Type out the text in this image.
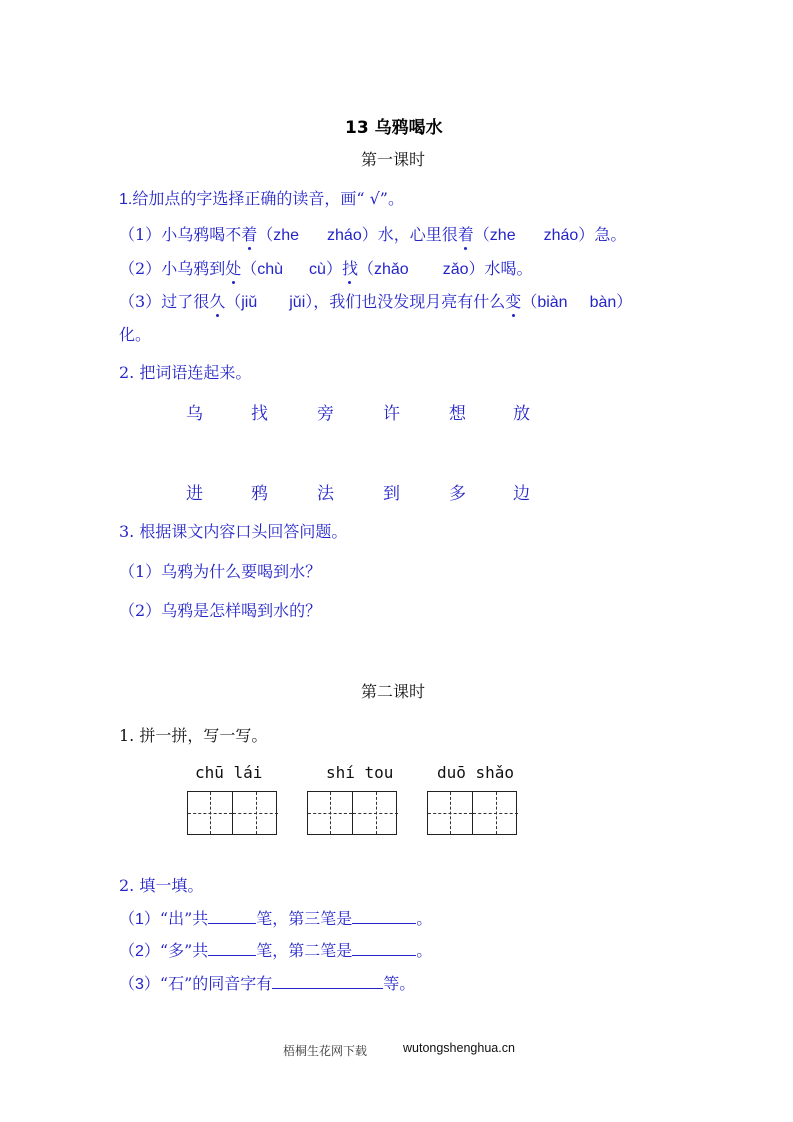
13 乌鸦喝水
第一课时
1.给加点的字选择正确的读音，画“ √”。
（1）小乌鸦喝不着（zhe zháo）水，心里很着（zhe zháo）急。
（2）小乌鸦到处（chù cù）找（zhǎo zǎo）水喝。
（3）过了很久（jiǔ jǔi），我们也没发现月亮有什么变（biàn bàn）
化。
2. 把词语连起来。
乌	找	旁	许	想	放
进	鸦	法	到	多	边
3. 根据课文内容口头回答问题。
（1）乌鸦为什么要喝到水？
（2）乌鸦是怎样喝到水的？
第二课时
1. 拼一拼，写一写。
chū lái	shí tou	duō shǎo
2. 填一填。
（1）“出”共	笔，第三笔是	。
（2）“多”共	笔，第二笔是	。
（3）“石”的同音字有	等。
梧桐生花网下载	wutongshenghua.cn
